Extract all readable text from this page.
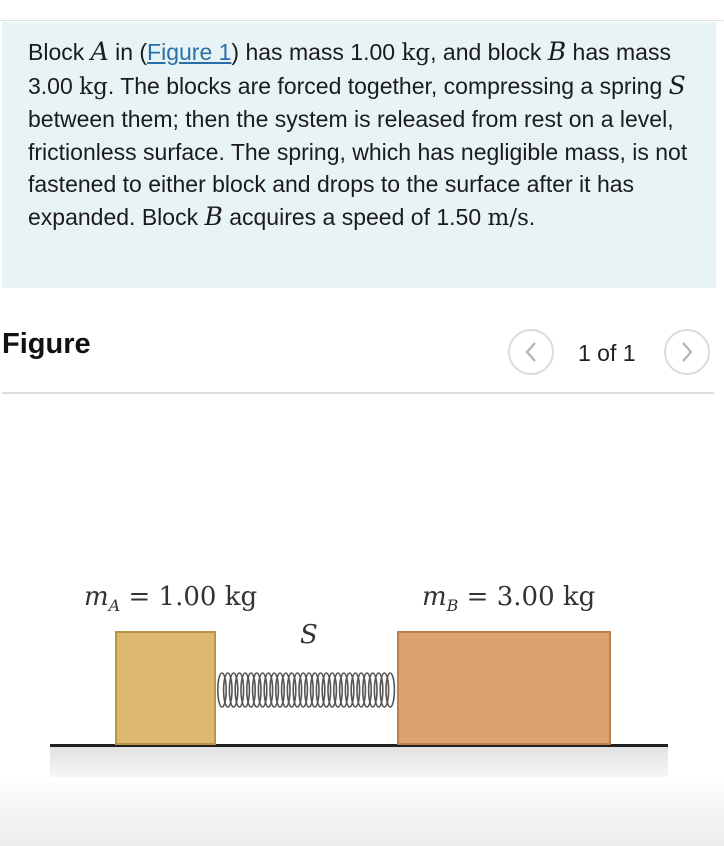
Block A in (Figure 1) has mass 1.00 kg, and block B has mass 3.00 kg. The blocks are forced together, compressing a spring S between them; then the system is released from rest on a level, frictionless surface. The spring, which has negligible mass, is not fastened to either block and drops to the surface after it has expanded. Block B acquires a speed of 1.50 m/s.
Figure	1 of 1
$m_A = 1.00$ kg	$m_B = 3.00$ kg
S
